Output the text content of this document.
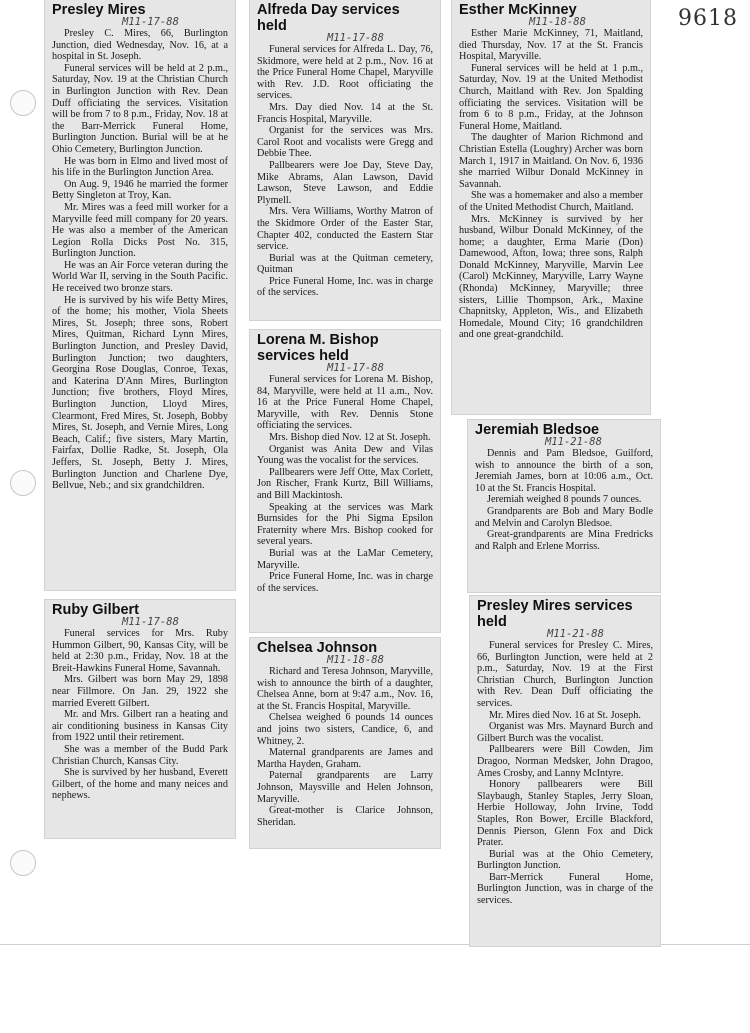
9618
Presley Mires
M11-17-88

Presley C. Mires, 66, Burlington Junction, died Wednesday, Nov. 16, at a hospital in St. Joseph.

Funeral services will be held at 2 p.m., Saturday, Nov. 19 at the Christian Church in Burlington Junction with Rev. Dean Duff officiating the services. Visitation will be from 7 to 8 p.m., Friday, Nov. 18 at the Barr-Merrick Funeral Home, Burlington Junction. Burial will be at he Ohio Cemetery, Burlington Junction.

He was born in Elmo and lived most of his life in the Burlington Junction Area.

On Aug. 9, 1946 he married the former Betty Singleton at Troy, Kan.

Mr. Mires was a feed mill worker for a Maryville feed mill company for 20 years. He was also a member of the American Legion Rolla Dicks Post No. 315, Burlington Junction.

He was an Air Force veteran during the World War II, serving in the South Pacific. He received two bronze stars.

He is survived by his wife Betty Mires, of the home; his mother, Viola Sheets Mires, St. Joseph; three sons, Robert Mires, Quitman, Richard Lynn Mires, Burlington Junction, and Presley David, Burlington Junction; two daughters, Georgina Rose Douglas, Conroe, Texas, and Katerina D'Ann Mires, Burlington Junction; five brothers, Floyd Mires, Burlington Junction, Lloyd Mires, Clearmont, Fred Mires, St. Joseph, Bobby Mires, St. Joseph, and Vernie Mires, Long Beach, Calif.; five sisters, Mary Martin, Fairfax, Dollie Radke, St. Joseph, Ola Jeffers, St. Joseph, Betty J. Mires, Burlington Junction and Charlene Dye, Bellvue, Neb.; and six grandchildren.

Ruby Gilbert
M11-17-88

Funeral services for Mrs. Ruby Hummon Gilbert, 90, Kansas City, will be held at 2:30 p.m., Friday, Nov. 18 at the Breit-Hawkins Funeral Home, Savannah.

Mrs. Gilbert was born May 29, 1898 near Fillmore. On Jan. 29, 1922 she married Everett Gilbert.

Mr. and Mrs. Gilbert ran a heating and air conditioning business in Kansas City from 1922 until their retirement.

She was a member of the Budd Park Christian Church, Kansas City.

She is survived by her husband, Everett Gilbert, of the home and many neices and nephews.

Alfreda Day services held
M11-17-88

Funeral services for Alfreda L. Day, 76, Skidmore, were held at 2 p.m., Nov. 16 at the Price Funeral Home Chapel, Maryville with Rev. J.D. Root officiating the services.

Mrs. Day died Nov. 14 at the St. Francis Hospital, Maryville.

Organist for the services was Mrs. Carol Root and vocalists were Gregg and Debbie Thee.

Pallbearers were Joe Day, Steve Day, Mike Abrams, Alan Lawson, David Lawson, Steve Lawson, and Eddie Plymell.

Mrs. Vera Williams, Worthy Matron of the Skidmore Order of the Easter Star, Chapter 402, conducted the Eastern Star service.

Burial was at the Quitman cemetery, Quitman

Price Funeral Home, Inc. was in charge of the services.

Lorena M. Bishop services held
M11-17-88

Funeral services for Lorena M. Bishop, 84, Maryville, were held at 11 a.m., Nov. 16 at the Price Funeral Home Chapel, Maryville, with Rev. Dennis Stone officiating the services.

Mrs. Bishop died Nov. 12 at St. Joseph.

Organist was Anita Dew and Vilas Young was the vocalist for the services.

Pallbearers were Jeff Otte, Max Corlett, Jon Rischer, Frank Kurtz, Bill Williams, and Bill Mackintosh.

Speaking at the services was Mark Burnsides for the Phi Sigma Epsilon Fraternity where Mrs. Bishop cooked for several years.

Burial was at the LaMar Cemetery, Maryville.

Price Funeral Home, Inc. was in charge of the services.

Chelsea Johnson
M11-18-88

Richard and Teresa Johnson, Maryville, wish to announce the birth of a daughter, Chelsea Anne, born at 9:47 a.m., Nov. 16, at the St. Francis Hospital, Maryville.

Chelsea weighed 6 pounds 14 ounces and joins two sisters, Candice, 6, and Whitney, 2.

Maternal grandparents are James and Martha Hayden, Graham.

Paternal grandparents are Larry Johnson, Maysville and Helen Johnson, Maryville.

Great-mother is Clarice Johnson, Sheridan.

Esther McKinney
M11-18-88

Esther Marie McKinney, 71, Maitland, died Thursday, Nov. 17 at the St. Francis Hospital, Maryville.

Funeral services will be held at 1 p.m., Saturday, Nov. 19 at the United Methodist Church, Maitland with Rev. Jon Spalding officiating the services. Visitation will be from 6 to 8 p.m., Friday, at the Johnson Funeral Home, Maitland.

The daughter of Marion Richmond and Christian Estella (Loughry) Archer was born March 1, 1917 in Maitland. On Nov. 6, 1936 she married Wilbur Donald McKinney in Savannah.

She was a homemaker and also a member of the United Methodist Church, Maitland.

Mrs. McKinney is survived by her husband, Wilbur Donald McKinney, of the home; a daughter, Erma Marie (Don) Damewood, Afton, Iowa; three sons, Ralph Donald McKinney, Maryville, Marvin Lee (Carol) McKinney, Maryville, Larry Wayne (Rhonda) McKinney, Maryville; three sisters, Lillie Thompson, Ark., Maxine Chapnitsky, Appleton, Wis., and Elizabeth Homedale, Mound City; 16 grandchildren and one great-grandchild.

Jeremiah Bledsoe
M11-21-88

Dennis and Pam Bledsoe, Guilford, wish to announce the birth of a son, Jeremiah James, born at 10:06 a.m., Oct. 10 at the St. Francis Hospital.

Jeremiah weighed 8 pounds 7 ounces.

Grandparents are Bob and Mary Bodle and Melvin and Carolyn Bledsoe.

Great-grandparents are Mina Fredricks and Ralph and Erlene Morriss.

Presley Mires services held
M11-21-88

Funeral services for Presley C. Mires, 66, Burlington Junction, were held at 2 p.m., Saturday, Nov. 19 at the First Christian Church, Burlington Junction with Rev. Dean Duff officiating the services.

Mr. Mires died Nov. 16 at St. Joseph.

Organist was Mrs. Maynard Burch and Gilbert Burch was the vocalist.

Pallbearers were Bill Cowden, Jim Dragoo, Norman Medsker, John Dragoo, Ames Crosby, and Lanny McIntyre.

Honory pallbearers were Bill Slaybaugh, Stanley Staples, Jerry Sloan, Herbie Holloway, John Irvine, Todd Staples, Ron Bower, Ercille Blackford, Dennis Pierson, Glenn Fox and Dick Prater.

Burial was at the Ohio Cemetery, Burlington Junction.

Barr-Merrick Funeral Home, Burlington Junction, was in charge of the services.
